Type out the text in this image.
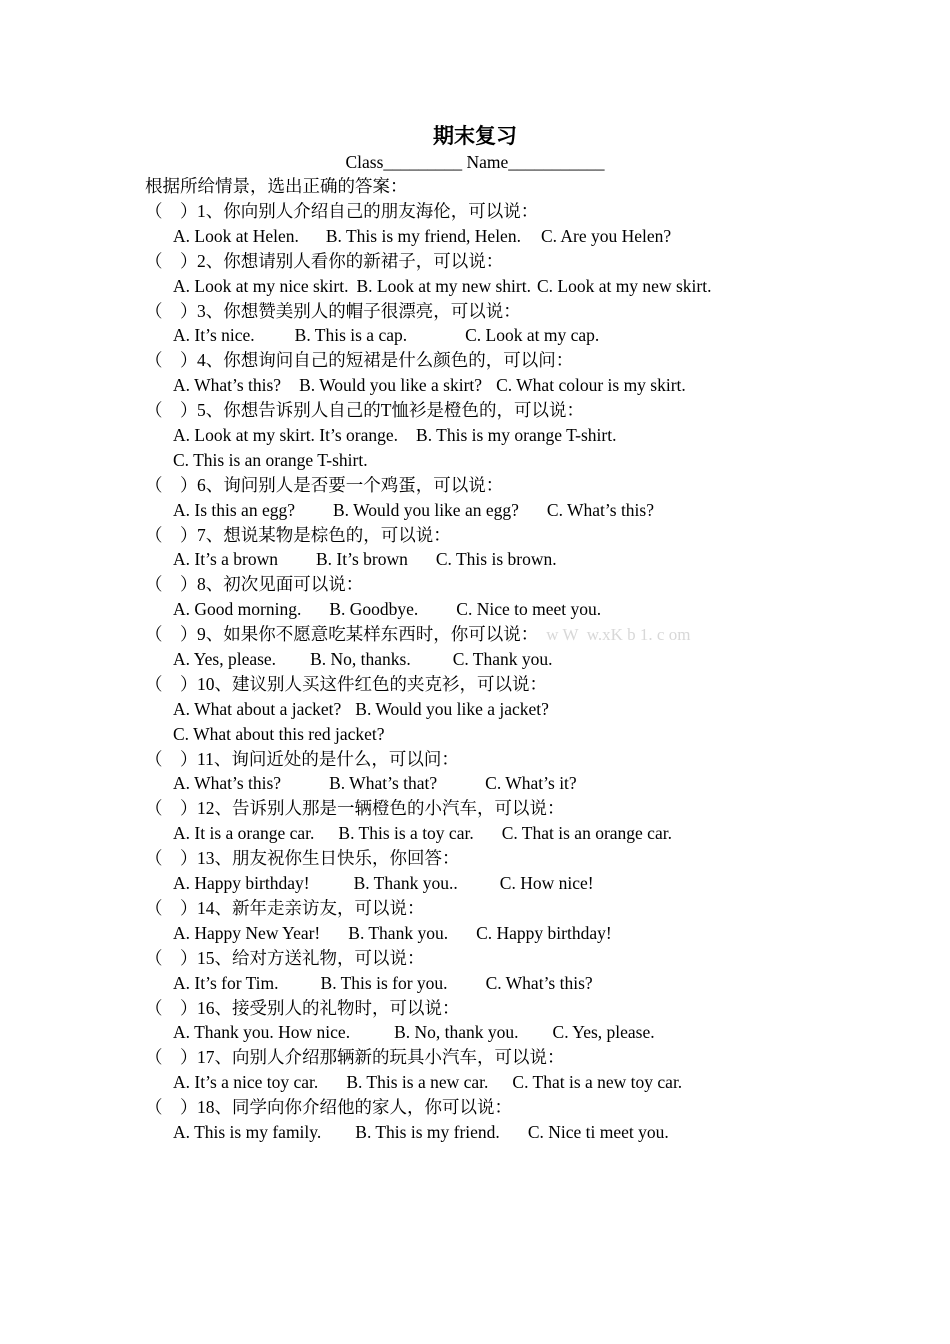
期末复习
Class_________ Name___________
根据所给情景，选出正确的答案：
（　）1、你向别人介绍自己的朋友海伦，可以说：
A. Look at Helen. B. This is my friend, Helen. C. Are you Helen?
（　）2、你想请别人看你的新裙子，可以说：
A. Look at my nice skirt. B. Look at my new shirt. C. Look at my new skirt.
（　）3、你想赞美别人的帽子很漂亮，可以说：
A. It’s nice. B. This is a cap.	C. Look at my cap.
（　）4、你想询问自己的短裙是什么颜色的，可以问：
A. What’s this? B. Would you like a skirt? C. What colour is my skirt.
（　）5、你想告诉别人自己的T恤衫是橙色的，可以说：
A. Look at my skirt. It’s orange. B. This is my orange T-shirt.
C. This is an orange T-shirt.
（　）6、询问别人是否要一个鸡蛋，可以说：
A. Is this an egg? B. Would you like an egg? C. What’s this?
（　）7、想说某物是棕色的，可以说：
A. It’s a brown B. It’s brown C. This is brown.
（　）8、初次见面可以说：
A. Good morning. B. Goodbye. C. Nice to meet you.
（　）9、如果你不愿意吃某样东西时，你可以说： w W  w.xK b 1. c om
A. Yes, please. B. No, thanks. C. Thank you.
（　）10、建议别人买这件红色的夹克衫，可以说：
A. What about a jacket? B. Would you like a jacket?
C. What about this red jacket?
（　）11、询问近处的是什么，可以问：
A. What’s this?	B. What’s that?	C. What’s it?
（　）12、告诉别人那是一辆橙色的小汽车，可以说：
A. It is a orange car. B. This is a toy car. C. That is an orange car.
（　）13、朋友祝你生日快乐，你回答：
A. Happy birthday!	B. Thank you.. C. How nice!
（　）14、新年走亲访友，可以说：
A. Happy New Year! B. Thank you. C. Happy birthday!
（　）15、给对方送礼物，可以说：
A. It’s for Tim. B. This is for you. C. What’s this?
（　）16、接受别人的礼物时，可以说：
A. Thank you. How nice.	B. No, thank you. C. Yes, please.
（　）17、向别人介绍那辆新的玩具小汽车，可以说：
A. It’s a nice toy car. B. This is a new car. C. That is a new toy car.
（　）18、同学向你介绍他的家人，你可以说：
A. This is my family. B. This is my friend. C. Nice ti meet you.
